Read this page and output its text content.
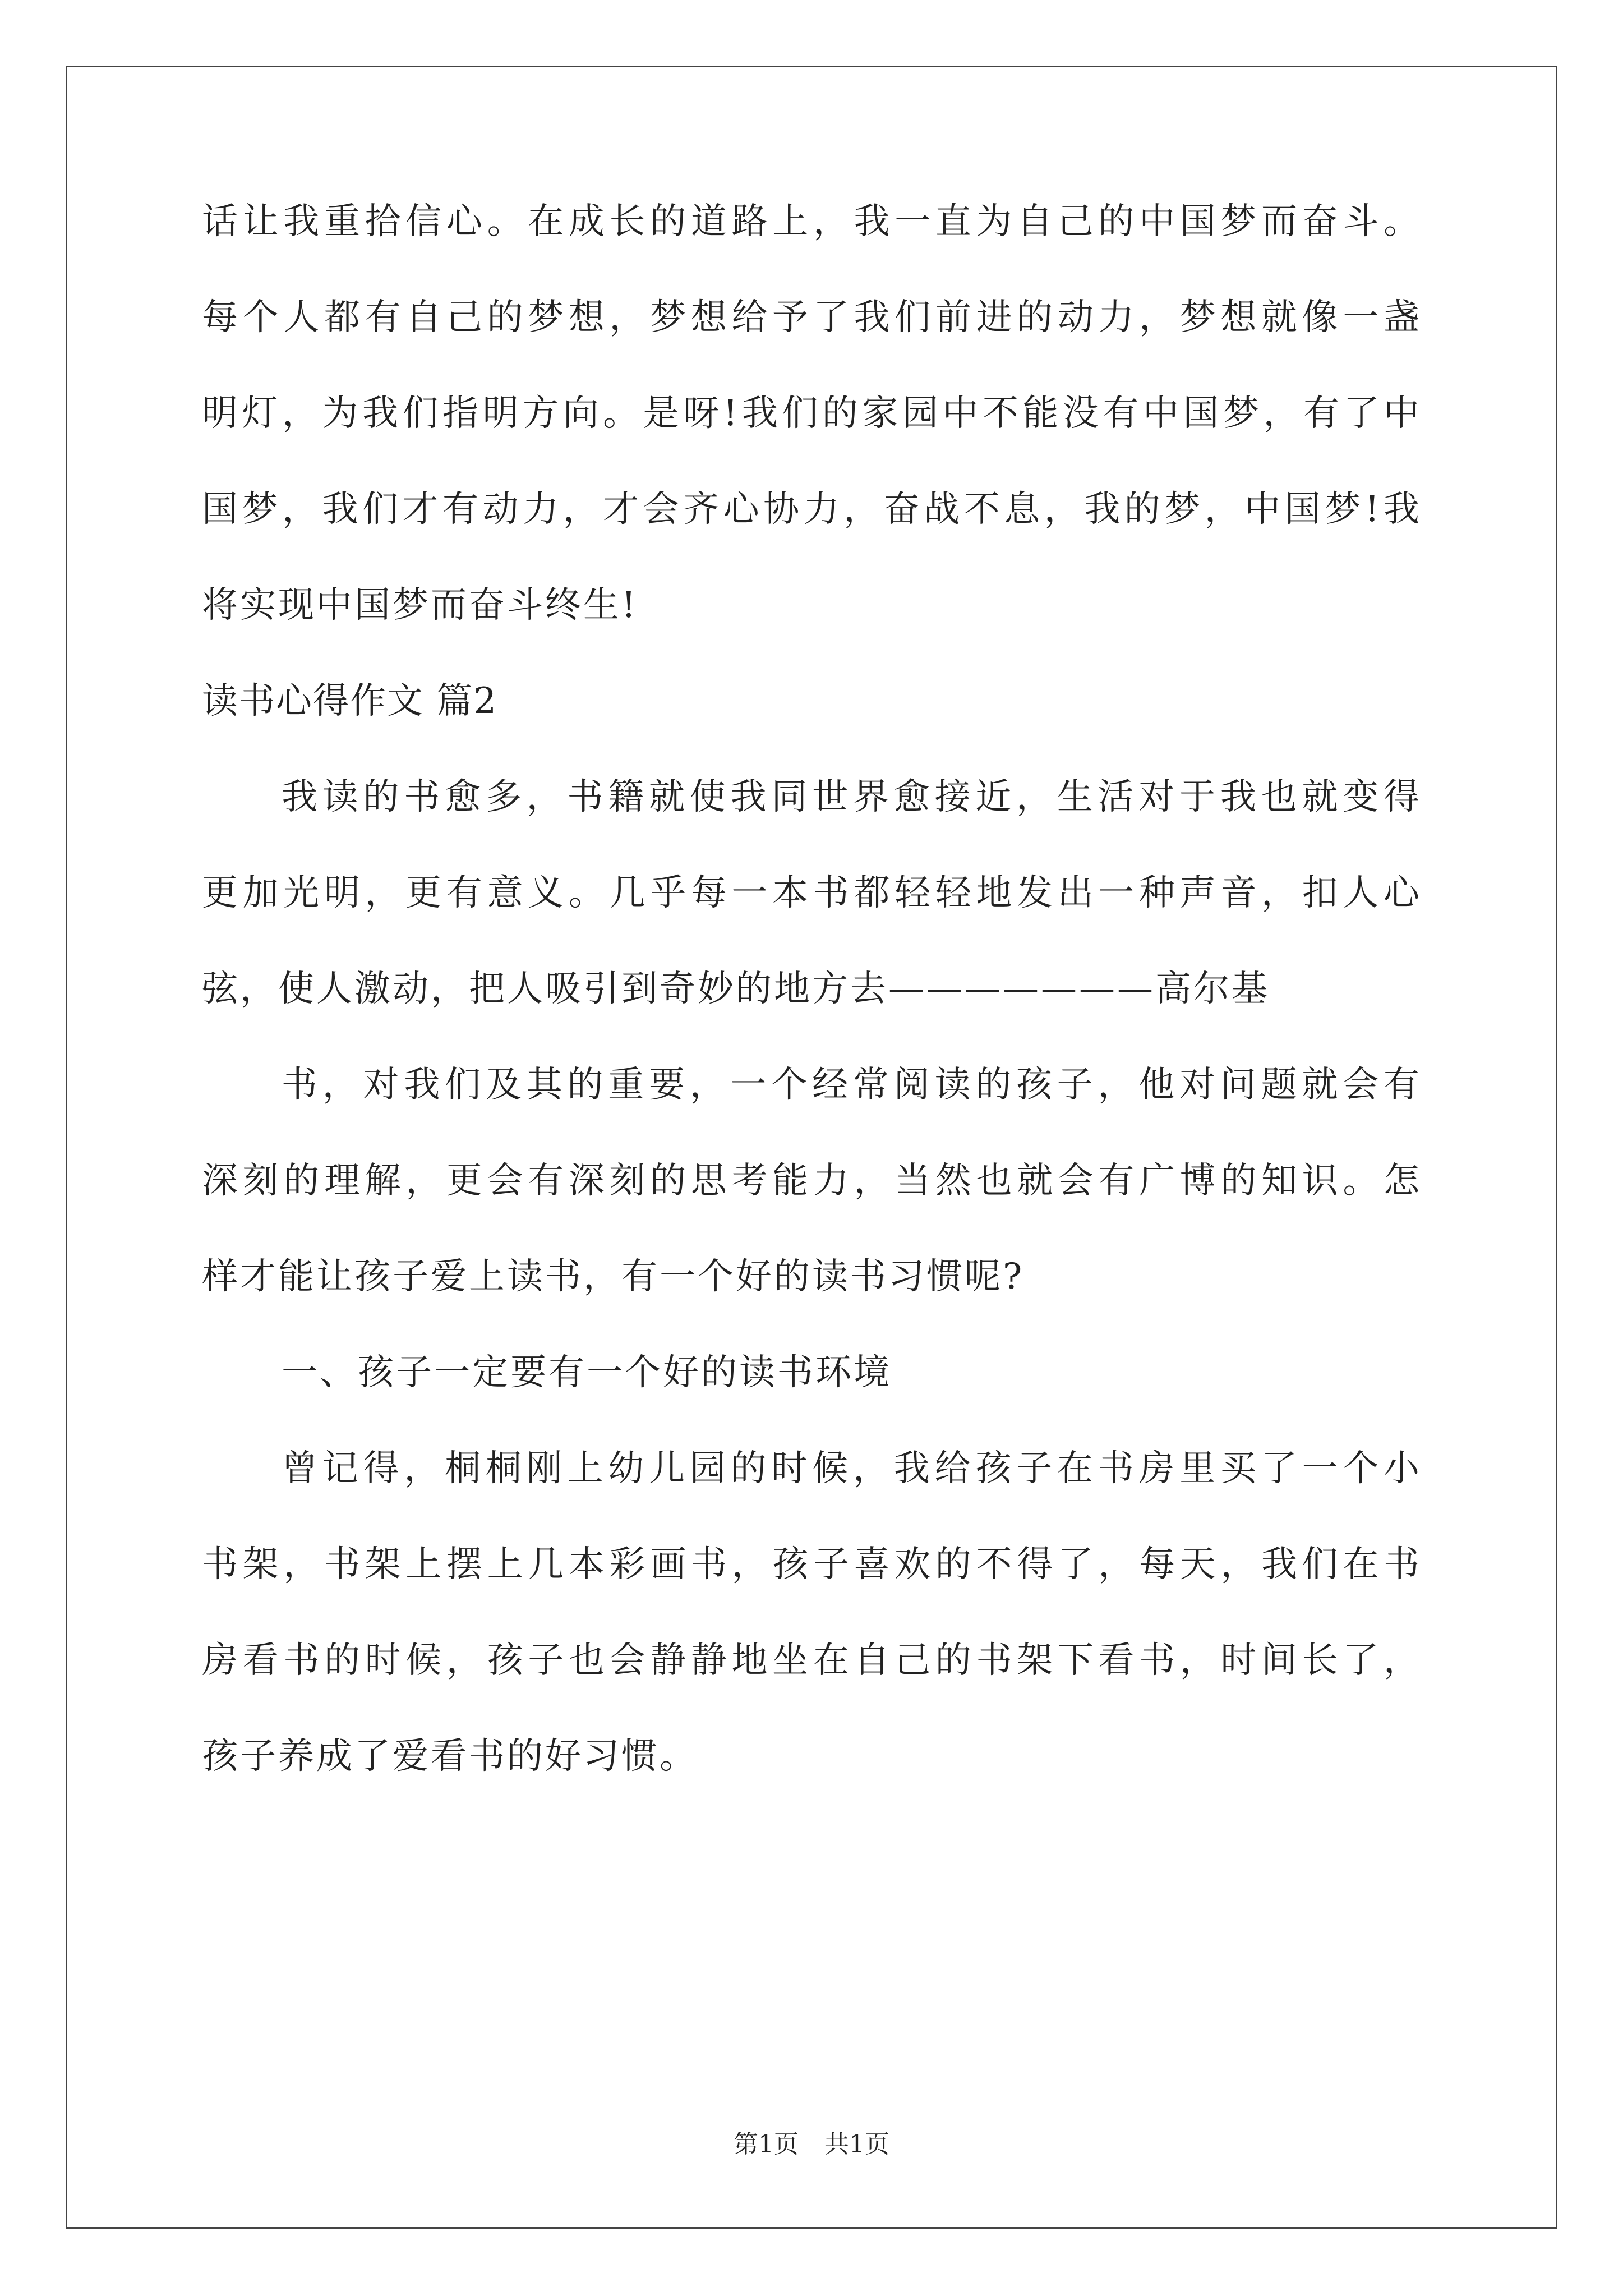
话让我重拾信心。在成长的道路上，我一直为自己的中国梦而奋斗。
每个人都有自己的梦想，梦想给予了我们前进的动力，梦想就像一盏
明灯，为我们指明方向。是呀!我们的家园中不能没有中国梦，有了中
国梦，我们才有动力，才会齐心协力，奋战不息，我的梦，中国梦!我
将实现中国梦而奋斗终生!
读书心得作文 篇2
我读的书愈多，书籍就使我同世界愈接近，生活对于我也就变得
更加光明，更有意义。几乎每一本书都轻轻地发出一种声音，扣人心
弦，使人激动，把人吸引到奇妙的地方去———————高尔基
书，对我们及其的重要，一个经常阅读的孩子，他对问题就会有
深刻的理解，更会有深刻的思考能力，当然也就会有广博的知识。怎
样才能让孩子爱上读书，有一个好的读书习惯呢?
一、孩子一定要有一个好的读书环境
曾记得，桐桐刚上幼儿园的时候，我给孩子在书房里买了一个小
书架，书架上摆上几本彩画书，孩子喜欢的不得了，每天，我们在书
房看书的时候，孩子也会静静地坐在自己的书架下看书，时间长了，
孩子养成了爱看书的好习惯。
第1页 共1页
